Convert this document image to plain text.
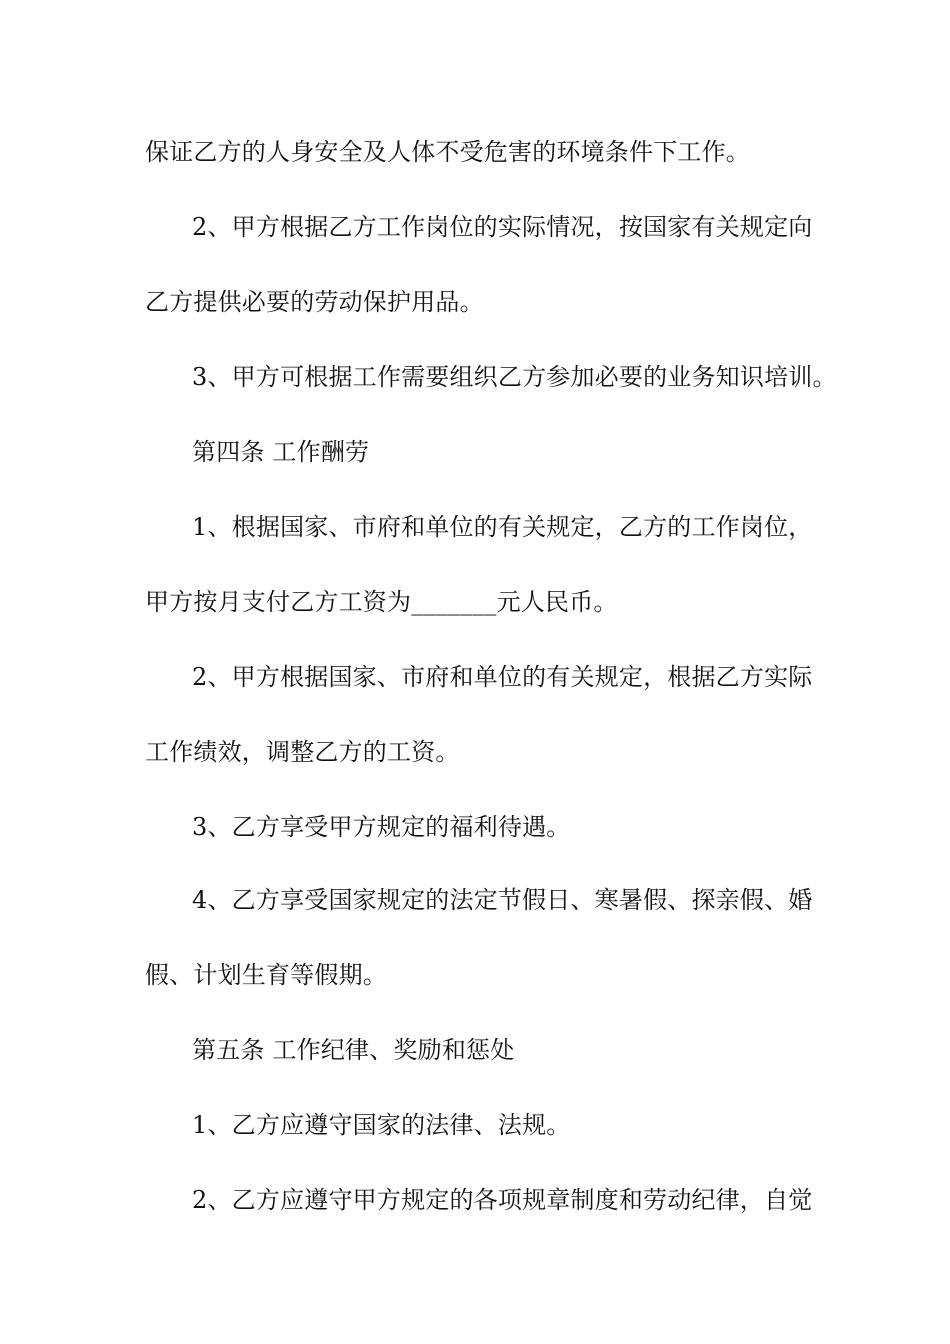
保证乙方的人身安全及人体不受危害的环境条件下工作。
2、甲方根据乙方工作岗位的实际情况，按国家有关规定向
乙方提供必要的劳动保护用品。
3、甲方可根据工作需要组织乙方参加必要的业务知识培训。
第四条 工作酬劳
1、根据国家、市府和单位的有关规定，乙方的工作岗位，
甲方按月支付乙方工资为_______元人民币。
2、甲方根据国家、市府和单位的有关规定，根据乙方实际
工作绩效，调整乙方的工资。
3、乙方享受甲方规定的福利待遇。
4、乙方享受国家规定的法定节假日、寒暑假、探亲假、婚
假、计划生育等假期。
第五条 工作纪律、奖励和惩处
1、乙方应遵守国家的法律、法规。
2、乙方应遵守甲方规定的各项规章制度和劳动纪律，自觉
